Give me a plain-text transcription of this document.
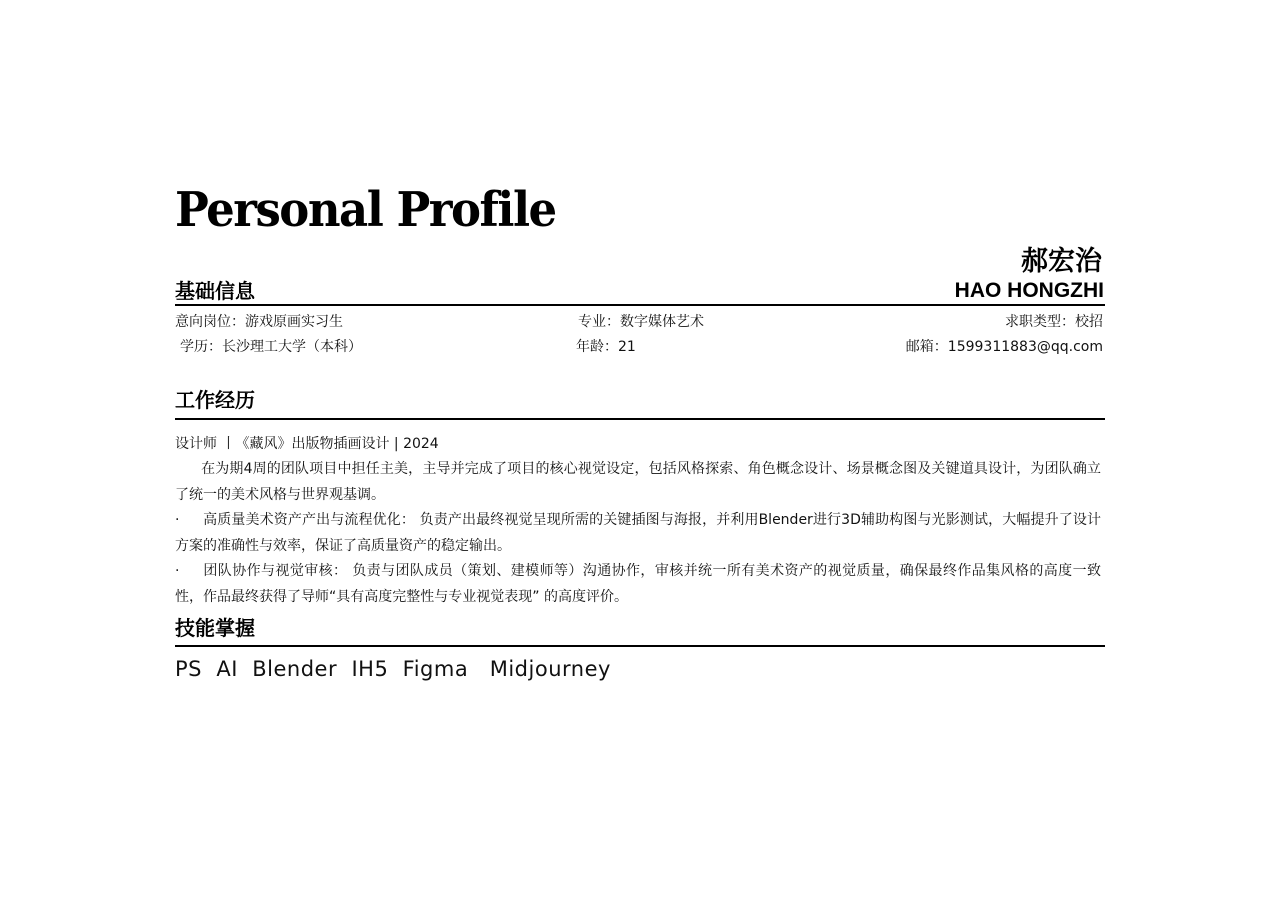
Personal Profile
郝宏治
HAO HONGZHI
基础信息
意向岗位：游戏原画实习生	专业：数字媒体艺术	求职类型：校招
学历：长沙理工大学（本科）	年龄：21	邮箱：1599311883@qq.com
工作经历
设计师 丨《藏风》出版物插画设计 | 2024
在为期4周的团队项目中担任主美，主导并完成了项目的核心视觉设定，包括风格探索、角色概念设计、场景概念图及关键道具设计，为团队确立了统一的美术风格与世界观基调。
· 高质量美术资产产出与流程优化： 负责产出最终视觉呈现所需的关键插图与海报，并利用Blender进行3D辅助构图与光影测试，大幅提升了设计方案的准确性与效率，保证了高质量资产的稳定输出。
· 团队协作与视觉审核： 负责与团队成员（策划、建模师等）沟通协作，审核并统一所有美术资产的视觉质量，确保最终作品集风格的高度一致性，作品最终获得了导师“具有高度完整性与专业视觉表现” 的高度评价。
技能掌握
PS  AI  Blender  IH5  Figma   Midjourney
